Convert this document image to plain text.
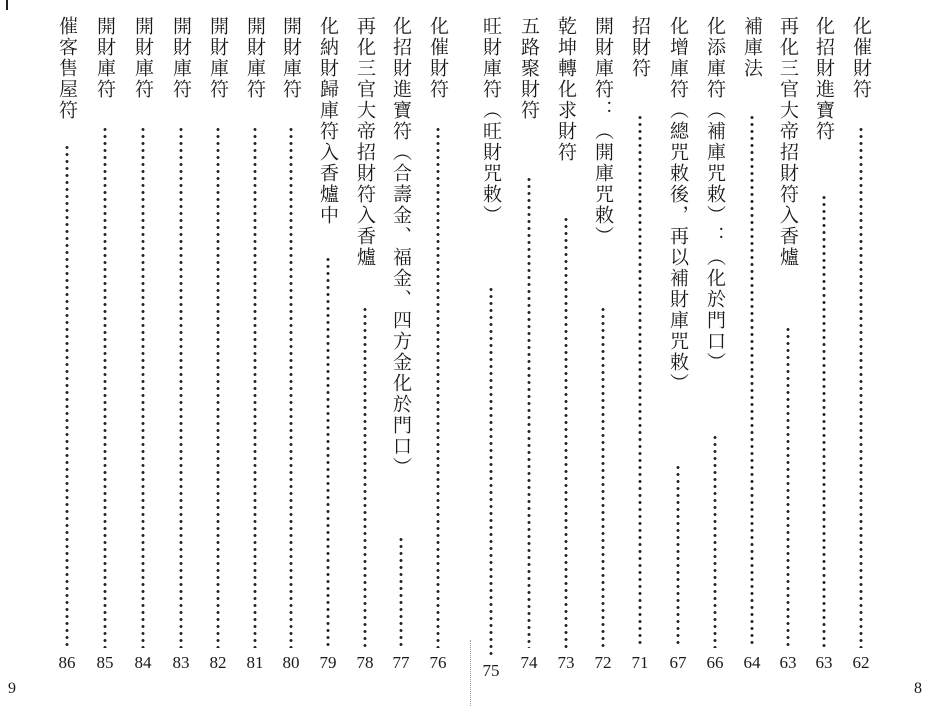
化催財符
76
化招財進寶符（合壽金、福金、四方金化於門口）
77
再化三官大帝招財符入香爐
78
化納財歸庫符入香爐中
79
開財庫符
80
開財庫符
81
開財庫符
82
開財庫符
83
開財庫符
84
開財庫符
85
催客售屋符
86
9
化催財符
62
化招財進寶符
63
再化三官大帝招財符入香爐
63
補庫法
64
化添庫符（補庫咒敕）：（化於門口）
66
化增庫符（總咒敕後，再以補財庫咒敕）
67
招財符
71
開財庫符：（開庫咒敕）
72
乾坤轉化求財符
73
五路聚財符
74
旺財庫符（旺財咒敕）
75
8
